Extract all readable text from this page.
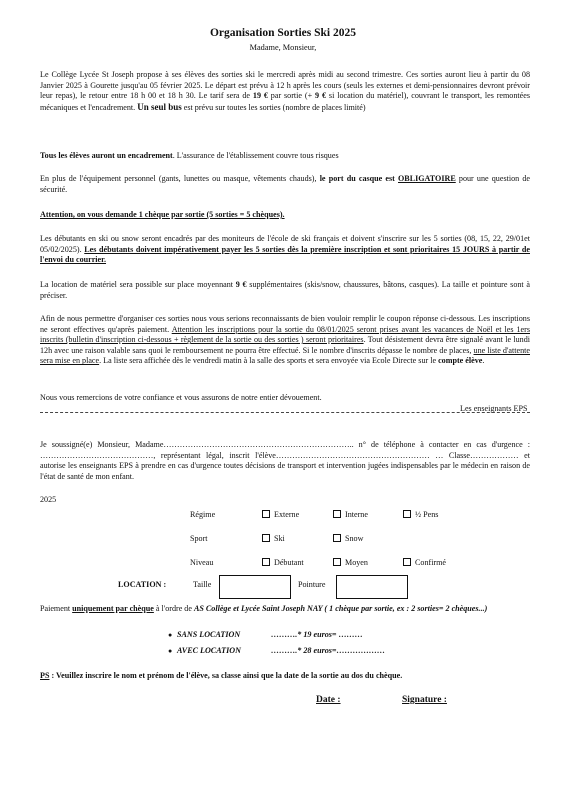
Organisation Sorties Ski 2025
Madame, Monsieur,

Le Collège Lycée St Joseph propose à ses élèves des sorties ski le mercredi après midi au second trimestre. Ces sorties auront lieu à partir du 08 Janvier 2025 à Gourette jusqu'au 05 février 2025. Le départ est prévu à 12 h après les cours (seuls les externes et demi-pensionnaires devront prévoir leur repas), le retour entre 18 h 00 et 18 h 30. Le tarif sera de 19 € par sortie (+ 9 € si location du matériel), couvrant le transport, les remontées mécaniques et l'encadrement. Un seul bus est prévu sur toutes les sorties (nombre de places limité)

Tous les élèves auront un encadrement. L'assurance de l'établissement couvre tous risques

En plus de l'équipement personnel (gants, lunettes ou masque, vêtements chauds), le port du casque est OBLIGATOIRE pour une question de sécurité.

Attention, on vous demande 1 chèque par sortie (5 sorties = 5 chèques).

Les débutants en ski ou snow seront encadrés par des moniteurs de l'école de ski français et doivent s'inscrire sur les 5 sorties (08, 15, 22, 29/01et 05/02/2025). Les débutants doivent impérativement payer les 5 sorties dès la première inscription et sont prioritaires 15 JOURS à partir de l'envoi du courrier.

La location de matériel sera possible sur place moyennant 9 € supplémentaires (skis/snow, chaussures, bâtons, casques). La taille et pointure sont à préciser.

Afin de nous permettre d'organiser ces sorties nous vous serions reconnaissants de bien vouloir remplir le coupon réponse ci-dessous. Les inscriptions ne seront effectives qu'après paiement. Attention les inscriptions pour la sortie du 08/01/2025 seront prises avant les vacances de Noël et les 1ers inscrits (bulletin d'inscription ci-dessous + règlement de la sortie ou des sorties ) seront prioritaires. Tout désistement devra être signalé avant le lundi 12h avec une raison valable sans quoi le remboursement ne pourra être effectué. Si le nombre d'inscrits dépasse le nombre de places, une liste d'attente sera mise en place. La liste sera affichée dès le vendredi matin à la salle des sports et sera envoyée via Ecole Directe sur le compte élève.

Nous vous remercions de votre confiance et vous assurons de notre entier dévouement.

Les enseignants EPS

Je soussigné(e) Monsieur, Madame…………………………………………………………….. n° de téléphone à contacter en cas d'urgence : ……………………………………, représentant légal, inscrit l'élève………………………………………………… … Classe……………… et autorise les enseignants EPS à prendre en cas d'urgence toutes décisions de transport et intervention jugées indispensables par le médecin en raison de l'état de santé de mon enfant.

2025
Régime	Externe	Interne	½ Pens
Sport	Ski	Snow
Niveau	Débutant	Moyen	Confirmé
LOCATION :	Taille	Pointure

Paiement uniquement par chèque à l'ordre de AS Collège et Lycée Saint Joseph NAY ( 1 chèque par sortie, ex : 2 sorties= 2 chèques...)

● SANS LOCATION	……….* 19 euros= ………
● AVEC LOCATION	……….* 28 euros=………………

PS : Veuillez inscrire le nom et prénom de l'élève, sa classe ainsi que la date de la sortie au dos du chèque.

Date :	Signature :
